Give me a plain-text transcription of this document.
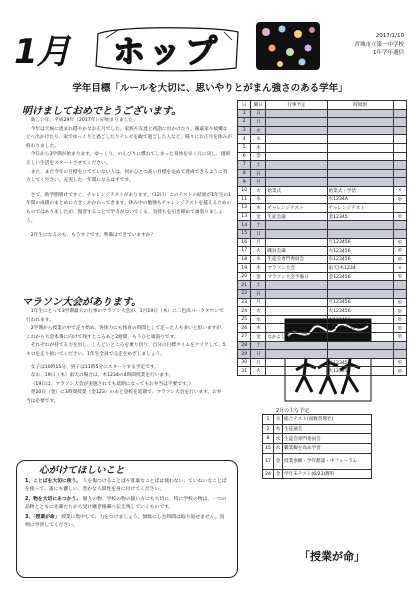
1月	ホップ	2017/1/10
宮城市立第一中学校
1年学年通信
学年目標「ルールを大切に、思いやりとがまん強さのある学年」
明けましておめでとうございます。

新しい年、平成29年（2017年）が始まりました。

今年は天候に恵まれ穏やかなお正月でした。家族や友達と初詣に出かけたり、親戚家や故郷などへ出かけたり、家でゆっくりと過ごしたりテレビを観て過ごした人など、様々にお正月を休みが終わりました。

今日から3学期が始まります。ゆっくり、のんびりに慣れてしまった身体を早く元に戻し、規則正しい生活をスタートさせてください。

また、まだ今年の目標を立てていない人は、何かひとつ高い目標を定めて達成できるように努力してください。充実した一年間になるはずです。

さて、新学期明けてすぐ、チャレンジテストがあります。（12日）このテストの結果が1年生の1年間の成績のまとめに大きくかかわってきます。休み中の勉強もチャレンジテストを越えるためのものではありましたが、復習することで学力がついてくる、気持ちを引き締めて頑張りましょう。

2年生になるのも、もうすぐです。準備はできていますか？

マラソン大会があります。

1年生にとって3学期最大の行事のマラソン大会が、1月19日（木）に二色浜パークタウンで行われます。

2学期から授業の中で走り始め、各体力にも体育の時間として走った人も多いと思いますが、これから大会本番に向けて残すところあと2週間、もうひと頑張りです。

それぞれが持てる力を出し、しんどいところを乗り切り、自分の目標タイムをクリアして、5キロを走り抜いてください。1年生全員で完走をめざしましょう。

女子は10時15分、男子は11時5分にスタートする予定です。

なお、19日（木）雨天の場合は、木1234の4時間授業を行います。

（19日は、マラソン大会が実施されても延期になってもお弁当は不要です。）

翌20日（金）に3時間授業（金123）のあと登校を延期で、マラソン大会を行います。お弁当は必要です。

心がけてほしいこと
1、ことばを大切に使う。 人を傷つけることばや乱暴なことばは使わない。ていねいなことばを使って、誰にも優しい、豊かな人間性を身に付けてください。
2、物を大切にあつかう。 個人の物、学校の物の扱い方にも大切に、特に学校の物は、一つの品物とともに先輩たちから受け継ぎ後輩へ伝え残していくものです。
3、「授業が命」 授業に集中して、力をつけましょう。無駄にした時間は取り返せません。真剣に学習してください。
日	曜日	行事予定	時間割	
1	日			
2	月			
3	火			
4	水			
5	木			
6	金			
7	土			
8	日			
9	月			
10	火	始業式	始業式・学活	×
11	水		水1234A	◎
12	木	チャレンジテスト	チャレンジテスト	
13	金	生徒会議	金12345	◎
14	土			
15	日			
16	月		月123456	◎
17	火	職員会議	火123456	◎
18	水	生徒会専門委員会	水123456	◎
19	木	マラソン大会	雨天)木1234	×
20	金	マラソン大会予備日	金123456	◎
21	土			
22	日			
23	月		月123456	◎
24	火		火123456	◎
25	水		水123456	◎
26	木		木1234あ56	◎
27	金	なかよし学習発表会	金123あ45	◎
28	土			
29	日			
30	月		月123456	◎
31	火		火123456	◎
2月の主な予定
1	水	総合テスト(国数英理社)
2	木	生徒議会
8	水	生徒会専門委員会
15	水	職業観を高め学習
17	金	授業参観・学年懇談・中フォーラム
24	金	学年末テスト(6/21)教科
「授業が命」
